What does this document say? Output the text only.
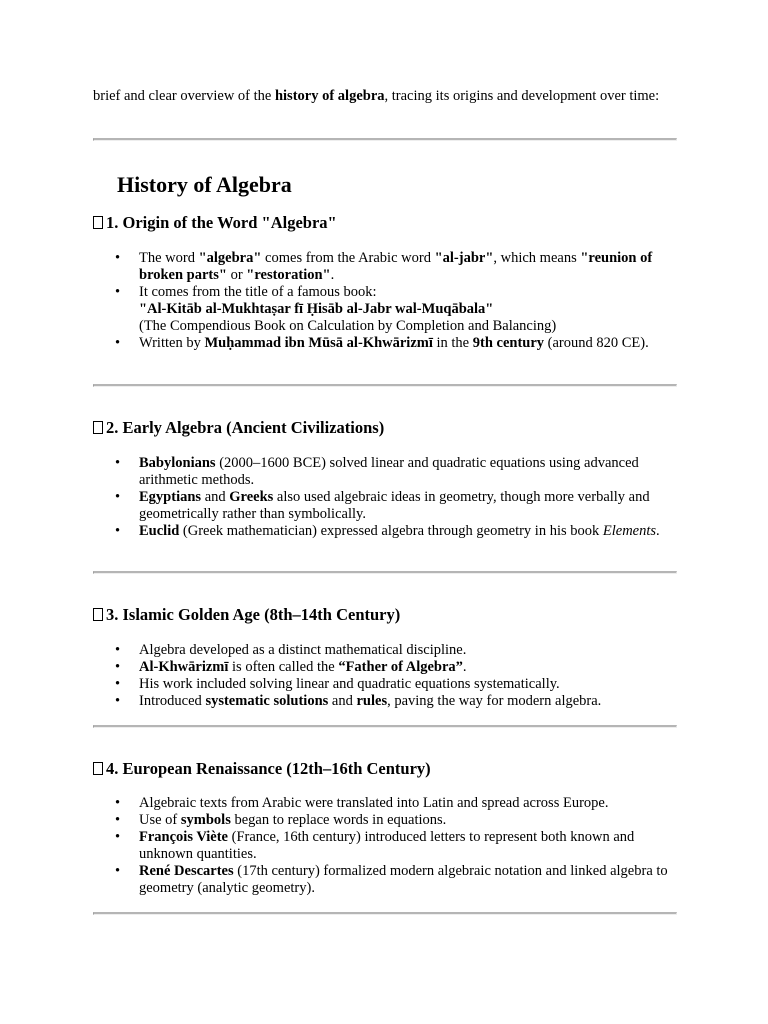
brief and clear overview of the history of algebra, tracing its origins and development over time:

History of Algebra
1. Origin of the Word "Algebra"
• The word "algebra" comes from the Arabic word "al-jabr", which means "reunion of broken parts" or "restoration".
• It comes from the title of a famous book:
"Al-Kitāb al-Mukhtaṣar fī Ḥisāb al-Jabr wal-Muqābala"
(The Compendious Book on Calculation by Completion and Balancing)
• Written by Muḥammad ibn Mūsā al-Khwārizmī in the 9th century (around 820 CE).
2. Early Algebra (Ancient Civilizations)
• Babylonians (2000–1600 BCE) solved linear and quadratic equations using advanced arithmetic methods.
• Egyptians and Greeks also used algebraic ideas in geometry, though more verbally and geometrically rather than symbolically.
• Euclid (Greek mathematician) expressed algebra through geometry in his book Elements.
3. Islamic Golden Age (8th–14th Century)
• Algebra developed as a distinct mathematical discipline.
• Al-Khwārizmī is often called the “Father of Algebra”.
• His work included solving linear and quadratic equations systematically.
• Introduced systematic solutions and rules, paving the way for modern algebra.
4. European Renaissance (12th–16th Century)
• Algebraic texts from Arabic were translated into Latin and spread across Europe.
• Use of symbols began to replace words in equations.
• François Viète (France, 16th century) introduced letters to represent both known and unknown quantities.
• René Descartes (17th century) formalized modern algebraic notation and linked algebra to geometry (analytic geometry).
